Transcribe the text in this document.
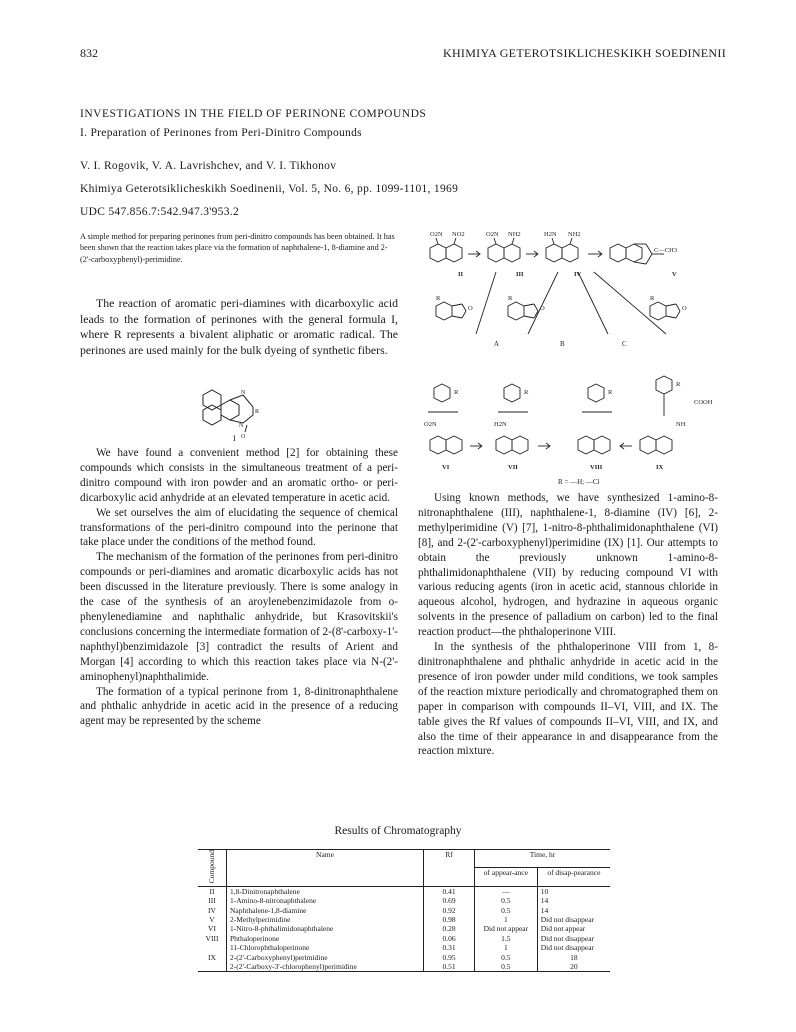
832	KHIMIYA GETEROTSIKLICHESKIKH SOEDINENII
INVESTIGATIONS IN THE FIELD OF PERINONE COMPOUNDS
I. Preparation of Perinones from Peri-Dinitro Compounds
V. I. Rogovik, V. A. Lavrishchev, and V. I. Tikhonov
Khimiya Geterotsiklicheskikh Soedinenii, Vol. 5, No. 6, pp. 1099-1101, 1969
UDC 547.856.7:542.947.3'953.2
A simple method for preparing perinones from peri-dinitro compounds has been obtained. It has been shown that the reaction takes place via the formation of naphthalene-1, 8-diamine and 2-(2'-carboxyphenyl)-perimidine.
The reaction of aromatic peri-diamines with dicarboxylic acid leads to the formation of perinones with the general formula I, where R represents a bivalent aliphatic or aromatic radical. The perinones are used mainly for the bulk dyeing of synthetic fibers.
N
N
R
O
I

We have found a convenient method [2] for obtaining these compounds which consists in the simultaneous treatment of a peri-dinitro compound with iron powder and an aromatic ortho- or peri-dicarboxylic acid anhydride at an elevated temperature in acetic acid.

We set ourselves the aim of elucidating the sequence of chemical transformations of the peri-dinitro compound into the perinone that take place under the conditions of the method found.

The mechanism of the formation of the perinones from peri-dinitro compounds or peri-diamines and aromatic dicarboxylic acids has not been discussed in the literature previously. There is some analogy in the case of the synthesis of an aroylenebenzimidazole from o-phenylenediamine and naphthalic anhydride, but Krasovitskii's conclusions concerning the intermediate formation of 2-(8'-carboxy-1'-naphthyl)benzimidazole [3] contradict the results of Arient and Morgan [4] according to which this reaction takes place via N-(2'-aminophenyl)naphthalimide.

The formation of a typical perinone from 1, 8-dinitronaphthalene and phthalic anhydride in acetic acid in the presence of a reducing agent may be represented by the scheme

O2N NO2	O2N NH2	H2N NH2
C—CH3
COOH
NH
R	R	R
R	R	R
R
O	O	O
O2N	H2N
II	III	IV	V
VI	VII	VIII	IX
A	B	C
R = —H; —Cl

Using known methods, we have synthesized 1-amino-8-nitronaphthalene (III), naphthalene-1, 8-diamine (IV) [6], 2-methylperimidine (V) [7], 1-nitro-8-phthalimidonaphthalene (VI) [8], and 2-(2'-carboxyphenyl)perimidine (IX) [1]. Our attempts to obtain the previously unknown 1-amino-8-phthalimidonaphthalene (VII) by reducing compound VI with various reducing agents (iron in acetic acid, stannous chloride in aqueous alcohol, hydrogen, and hydrazine in aqueous organic solvents in the presence of palladium on carbon) led to the final reaction product—the phthaloperinone VIII.

In the synthesis of the phthaloperinone VIII from 1, 8-dinitronaphthalene and phthalic anhydride in acetic acid in the presence of iron powder under mild conditions, we took samples of the reaction mixture periodically and chromatographed them on paper in comparison with compounds II–VI, VIII, and IX. The table gives the Rf values of compounds II–VI, VIII, and IX, and also the time of their appearance in and disappearance from the reaction mixture.

Results of Chromatography
Compound	Name	Rf	Time, hr	
			of appear-ance	of disap-pearance
II	1,8-Dinitronaphthalene	0.41	—	10
III	1-Amino-8-nitronaphthalene	0.69	0.5	14
IV	Naphthalene-1,8-diamine	0.92	0.5	14
V	2-Methylperimidine	0.98	1	Did not disappear
VI	1-Nitro-8-phthalimidonaphthalene	0.28	Did not appear	Did not appear
VIII	Phthaloperinone	0.06	1.5	Did not disappear
	11-Chlorophthaloperinone	0.31	1	Did not disappear
IX	2-(2'-Carboxyphenyl)perimidine	0.95	0.5	18
	2-(2'-Carboxy-3'-chlorophenyl)perimidine	0.51	0.5	20
